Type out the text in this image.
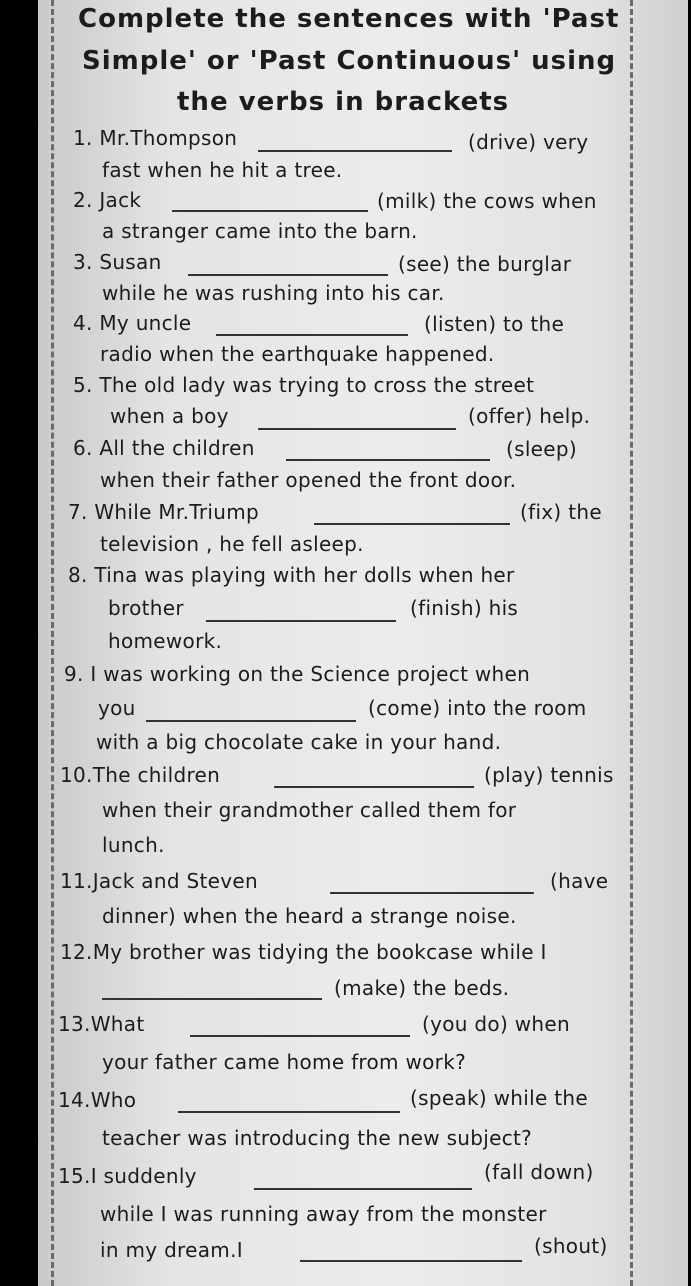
Complete the sentences with 'Past
Simple' or 'Past Continuous' using
the verbs in brackets
1. Mr.Thompson	(drive) very
fast when he hit a tree.
2. Jack	(milk) the cows when
a stranger came into the barn.
3. Susan	(see) the burglar
while he was rushing into his car.
4. My uncle	(listen) to the
radio when the earthquake happened.
5. The old lady was trying to cross the street
when a boy	(offer) help.
6. All the children	(sleep)
when their father opened the front door.
7. While Mr.Triump	(fix) the
television , he fell asleep.
8. Tina was playing with her dolls when her
brother	(finish) his
homework.
9. I was working on the Science project when
you	(come) into the room
with a big chocolate cake in your hand.
10.The children	(play) tennis
when their grandmother called them for
lunch.
11.Jack and Steven	(have
dinner) when the heard a strange noise.
12.My brother was tidying the bookcase while I
(make) the beds.
13.What	(you do) when
your father came home from work?
14.Who	(speak) while the
teacher was introducing the new subject?
15.I suddenly	(fall down)
while I was running away from the monster
in my dream.I	(shout)
